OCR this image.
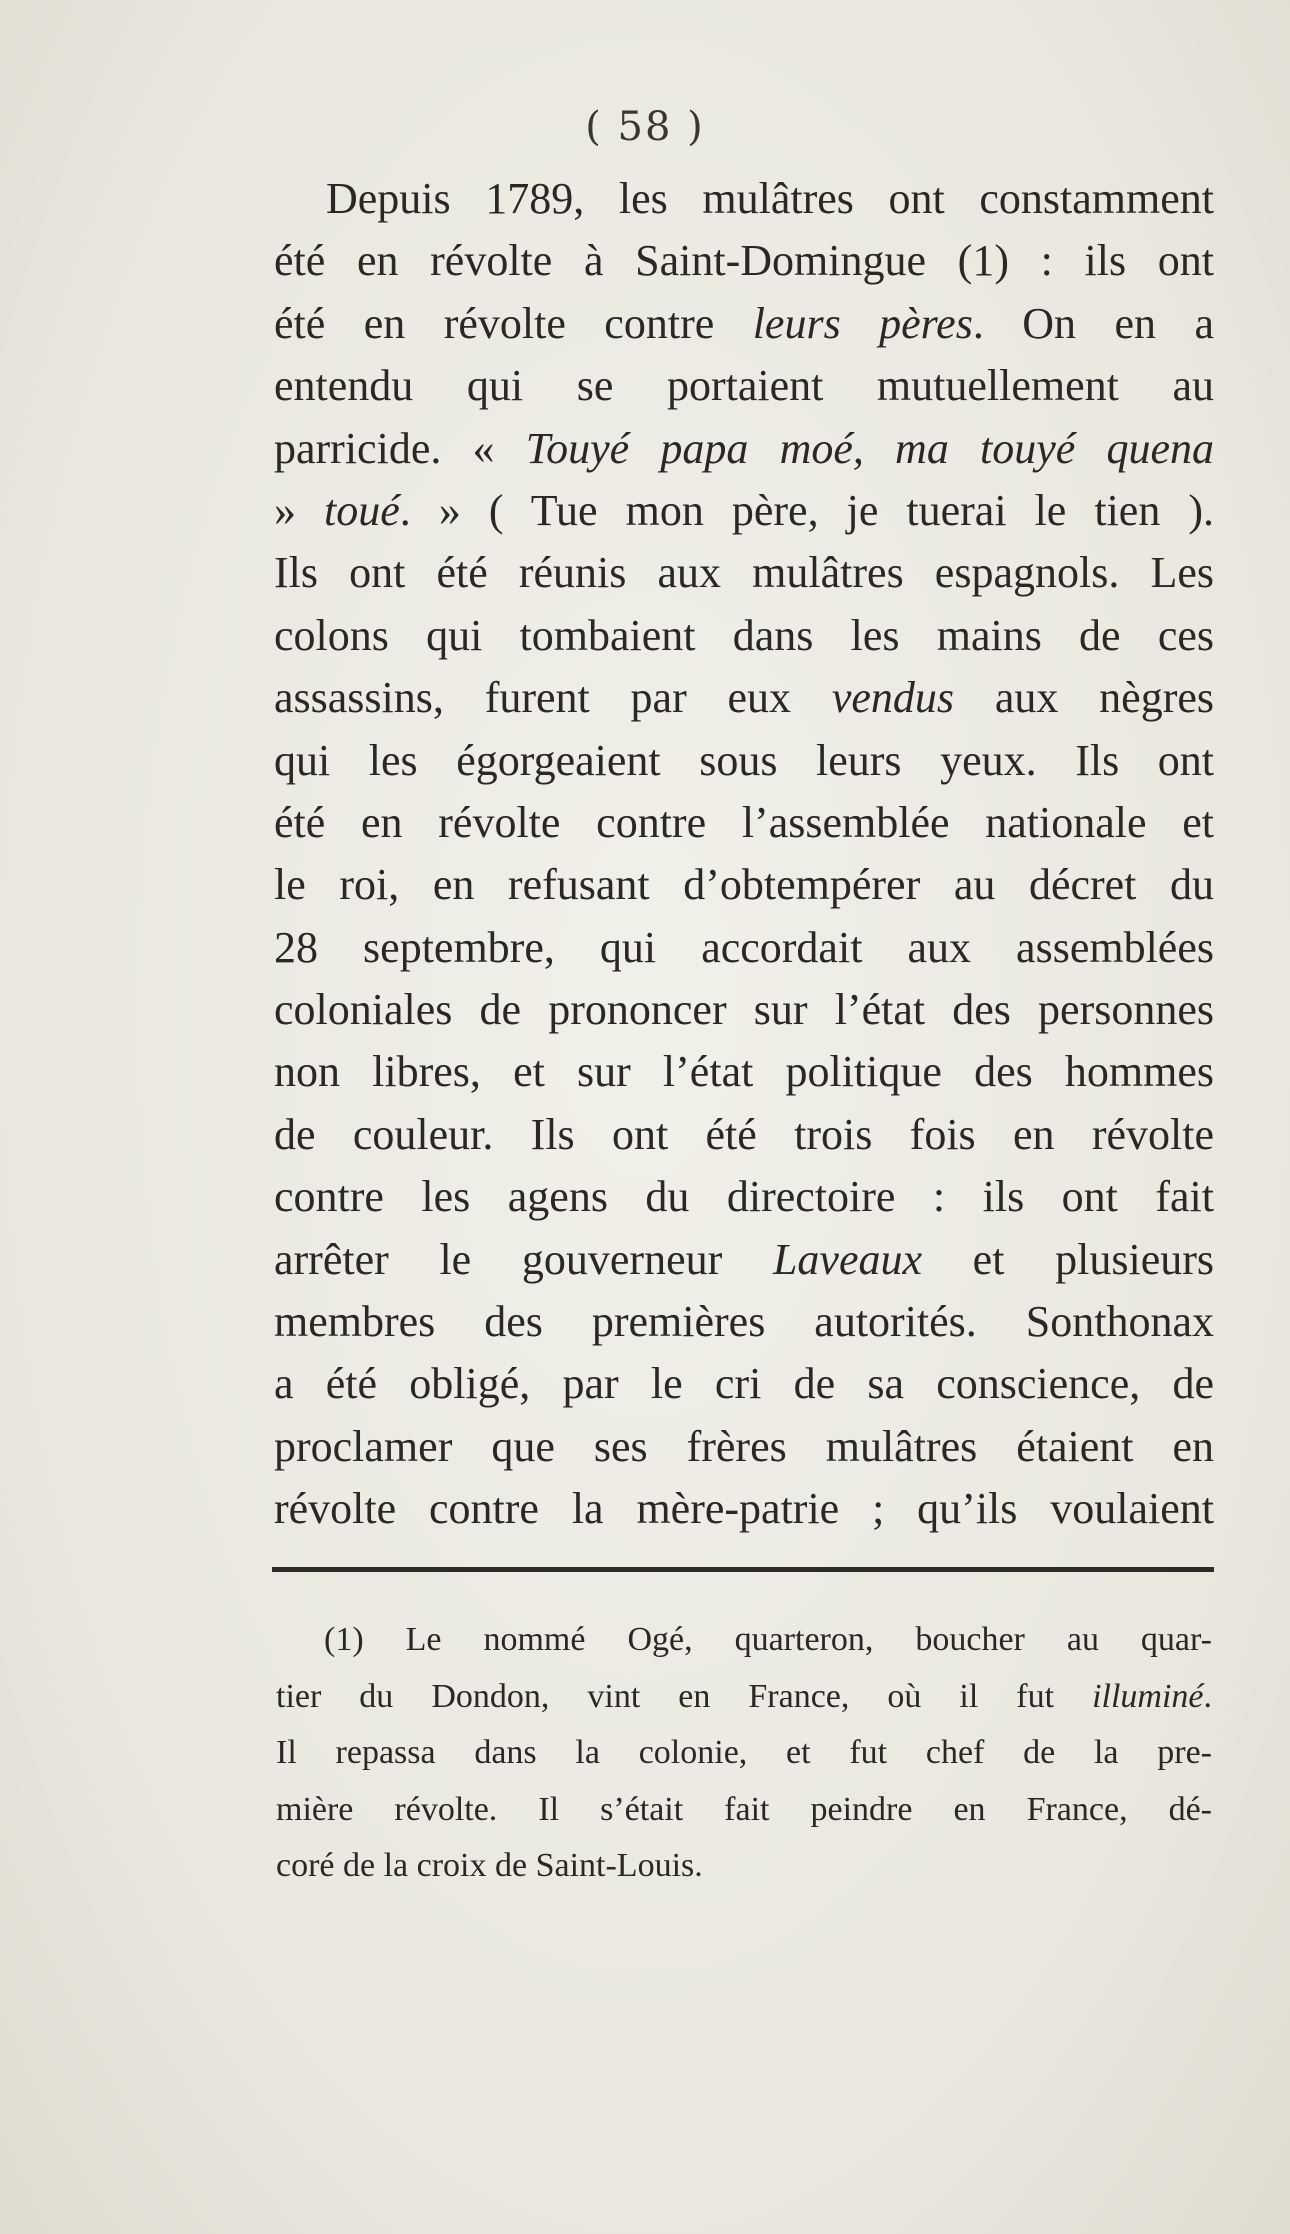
( 58 )
Depuis 1789, les mulâtres ont constamment
été en révolte à Saint-Domingue (1) : ils ont
été en révolte contre leurs pères. On en a
entendu qui se portaient mutuellement au
parricide. « Touyé papa moé, ma touyé quena
» toué. » ( Tue mon père, je tuerai le tien ).
Ils ont été réunis aux mulâtres espagnols. Les
colons qui tombaient dans les mains de ces
assassins, furent par eux vendus aux nègres
qui les égorgeaient sous leurs yeux. Ils ont
été en révolte contre l’assemblée nationale et
le roi, en refusant d’obtempérer au décret du
28 septembre, qui accordait aux assemblées
coloniales de prononcer sur l’état des personnes
non libres, et sur l’état politique des hommes
de couleur. Ils ont été trois fois en révolte
contre les agens du directoire : ils ont fait
arrêter le gouverneur Laveaux et plusieurs
membres des premières autorités. Sonthonax
a été obligé, par le cri de sa conscience, de
proclamer que ses frères mulâtres étaient en
révolte contre la mère-patrie ; qu’ils voulaient
(1) Le nommé Ogé, quarteron, boucher au quar-
tier du Dondon, vint en France, où il fut illuminé.
Il repassa dans la colonie, et fut chef de la pre-
mière révolte. Il s’était fait peindre en France, dé-
coré de la croix de Saint-Louis.
